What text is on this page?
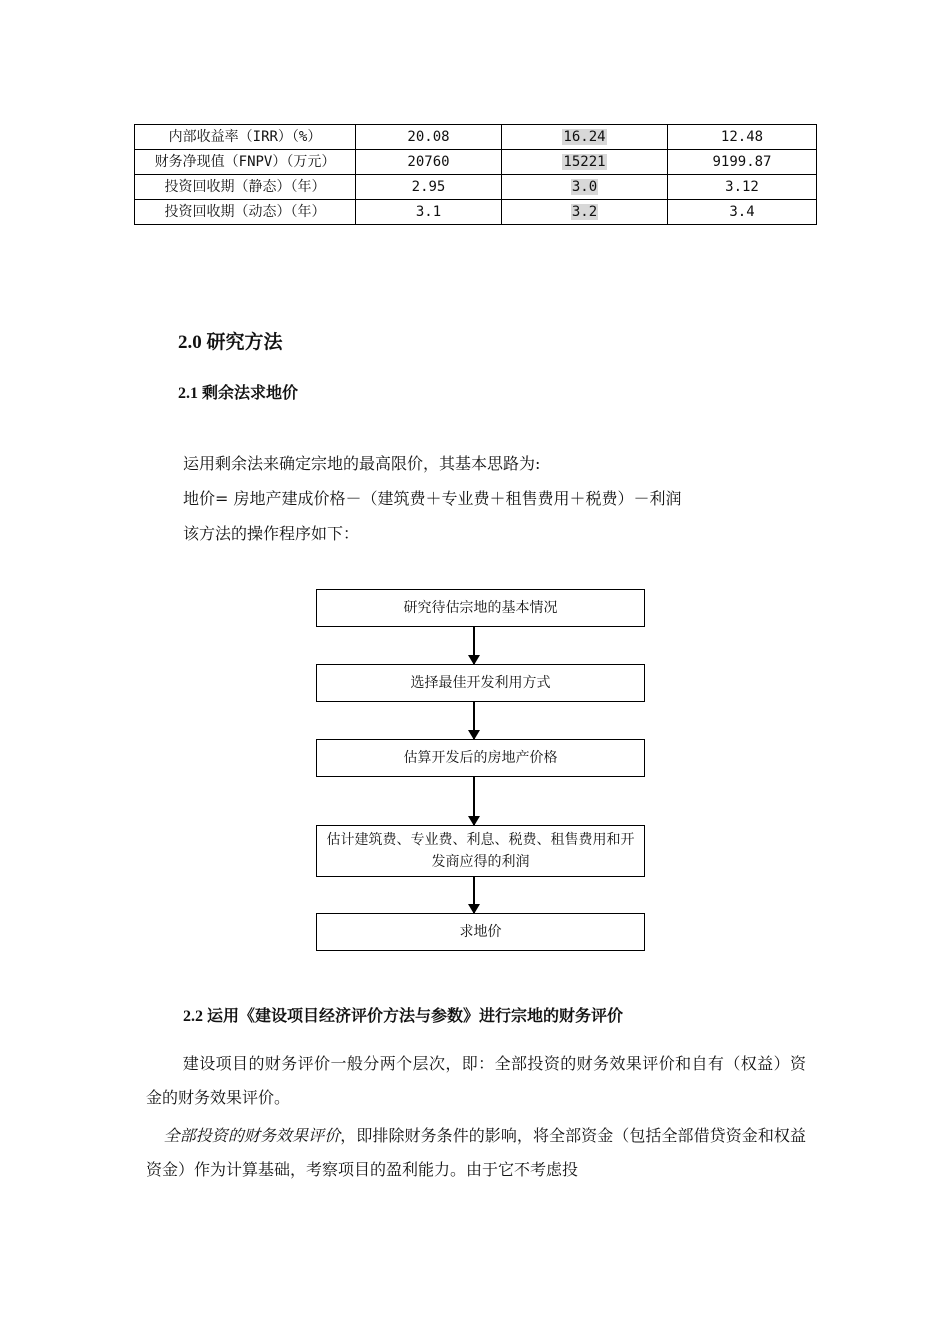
内部收益率（IRR）（%）	20.08	16.24	12.48
财务净现值（FNPV）（万元）	20760	15221	9199.87
投资回收期（静态）（年）	2.95	3.0	3.12
投资回收期（动态）（年）	3.1	3.2	3.4
2.0 研究方法
2.1 剩余法求地价

运用剩余法来确定宗地的最高限价，其基本思路为:

地价= 房地产建成价格－（建筑费＋专业费＋租售费用＋税费）－利润

该方法的操作程序如下：

研究待估宗地的基本情况
选择最佳开发利用方式
估算开发后的房地产价格
估计建筑费、专业费、利息、税费、租售费用和开发商应得的利润
求地价
2.2 运用《建设项目经济评价方法与参数》进行宗地的财务评价

建设项目的财务评价一般分两个层次，即：全部投资的财务效果评价和自有（权益）资金的财务效果评价。

全部投资的财务效果评价，即排除财务条件的影响，将全部资金（包括全部借贷资金和权益资金）作为计算基础，考察项目的盈利能力。由于它不考虑投
